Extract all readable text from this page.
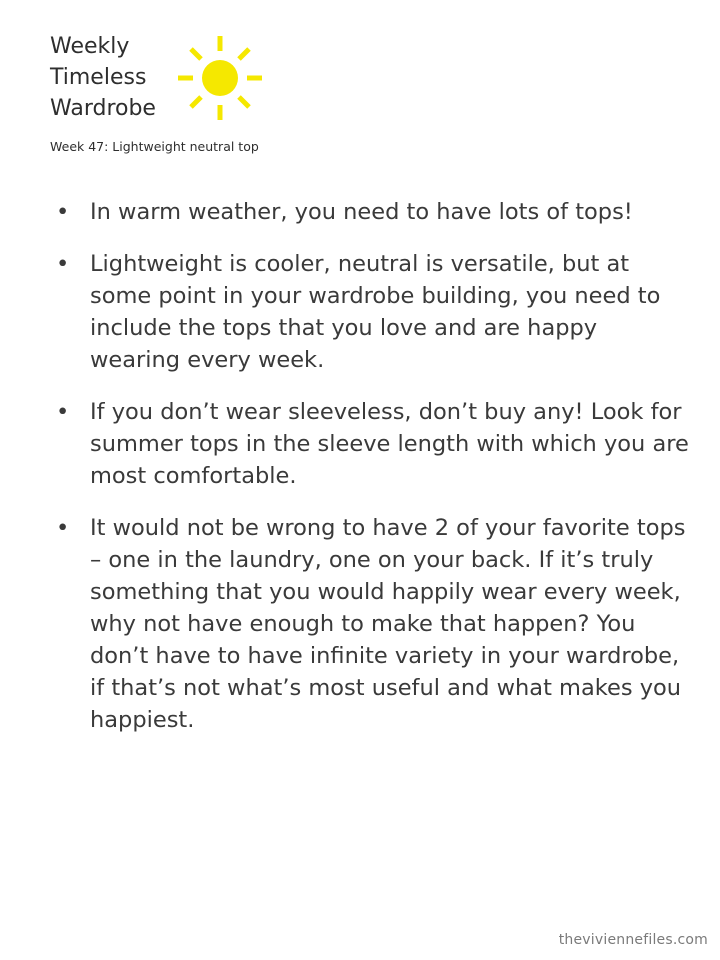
Weekly
Timeless
Wardrobe
Week 47: Lightweight neutral top
• In warm weather, you need to have lots of tops!
• Lightweight is cooler, neutral is versatile, but at some point in your wardrobe building, you need to include the tops that you love and are happy wearing every week.
• If you don’t wear sleeveless, don’t buy any! Look for summer tops in the sleeve length with which you are most comfortable.
• It would not be wrong to have 2 of your favorite tops – one in the laundry, one on your back. If it’s truly something that you would happily wear every week, why not have enough to make that happen? You don’t have to have infinite variety in your wardrobe, if that’s not what’s most useful and what makes you happiest.
theviviennefiles.com
